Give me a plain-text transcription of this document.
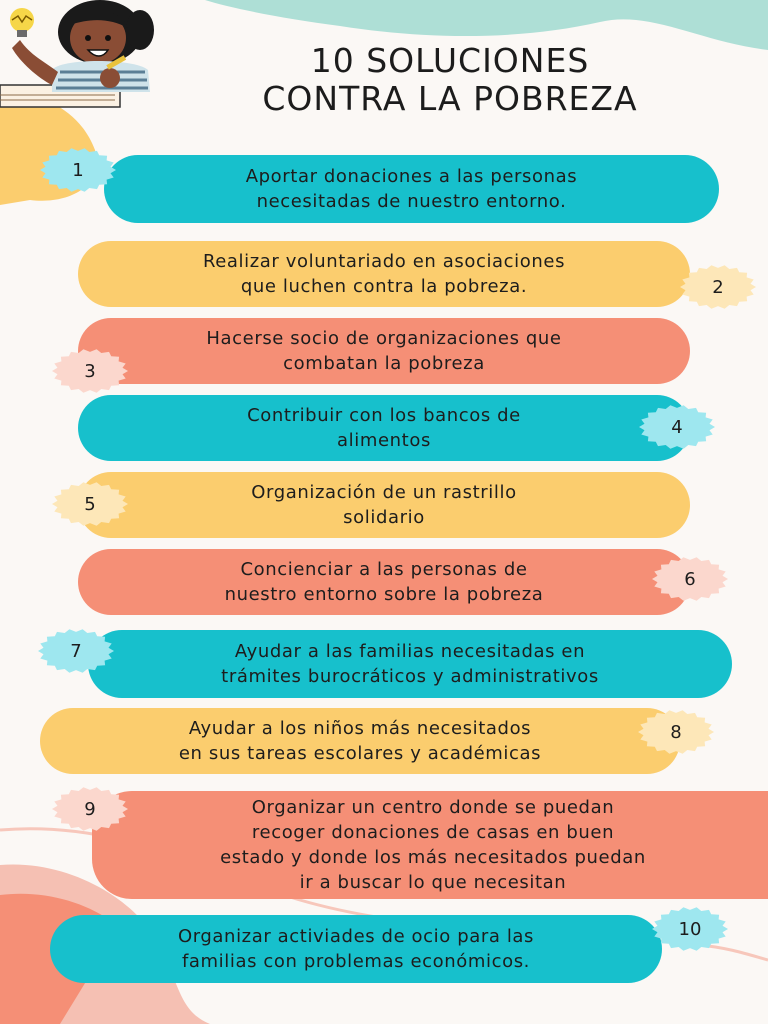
10 SOLUCIONES
CONTRA LA POBREZA
Aportar donaciones a las personas
necesitadas de nuestro entorno.
1
Realizar voluntariado en asociaciones
que luchen contra la pobreza.	2
Hacerse socio de organizaciones que
combatan la pobreza
3
Contribuir con los bancos de
alimentos
4
Organización de un rastrillo
solidario
5
Concienciar a las personas de
nuestro entorno sobre la pobreza
6
Ayudar a las familias necesitadas en
trámites burocráticos y administrativos
7
Ayudar a los niños más necesitados
en sus tareas escolares y académicas
8
Organizar un centro donde se puedan
recoger donaciones de casas en buen
estado y donde los más necesitados puedan
ir a buscar lo que necesitan
9
Organizar activiades de ocio para las
familias con problemas económicos.
10
